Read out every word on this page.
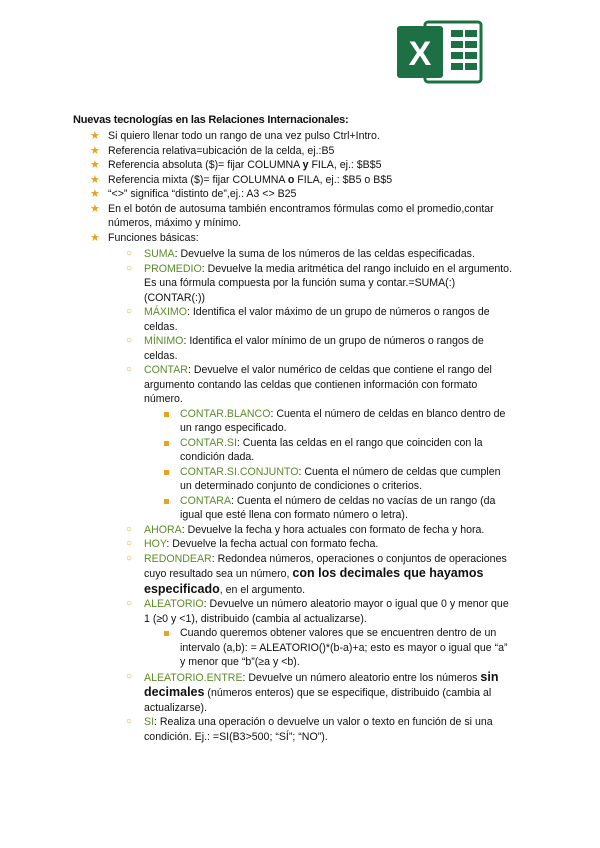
X
Nuevas tecnologías en las Relaciones Internacionales:
★ Si quiero llenar todo un rango de una vez pulso Ctrl+Intro.
★ Referencia relativa=ubicación de la celda, ej.:B5
★ Referencia absoluta ($)= fijar COLUMNA y FILA, ej.: $B$5
★ Referencia mixta ($)= fijar COLUMNA o FILA, ej.: $B5 o B$5
★ “<>” significa “distinto de”,ej.: A3 <> B25
★ En el botón de autosuma también encontramos fórmulas como el promedio,contar números, máximo y mínimo.
★ Funciones básicas:
○ SUMA: Devuelve la suma de los números de las celdas especificadas.
○ PROMEDIO: Devuelve la media aritmética del rango incluido en el argumento. Es una fórmula compuesta por la función suma y contar.=SUMA(:)(CONTAR(:))
○ MÁXIMO: Identifica el valor máximo de un grupo de números o rangos de celdas.
○ MÍNIMO: Identifica el valor mínimo de un grupo de números o rangos de celdas.
○ CONTAR: Devuelve el valor numérico de celdas que contiene el rango del argumento contando las celdas que contienen información con formato número.
CONTAR.BLANCO: Cuenta el número de celdas en blanco dentro de un rango especificado.
CONTAR.SI: Cuenta las celdas en el rango que coinciden con la condición dada.
CONTAR.SI.CONJUNTO: Cuenta el número de celdas que cumplen un determinado conjunto de condiciones o criterios.
CONTARA: Cuenta el número de celdas no vacías de un rango (da igual que esté llena con formato número o letra).
○ AHORA: Devuelve la fecha y hora actuales con formato de fecha y hora.
○ HOY: Devuelve la fecha actual con formato fecha.
○ REDONDEAR: Redondea números, operaciones o conjuntos de operaciones cuyo resultado sea un número, con los decimales que hayamos especificado, en el argumento.
○ ALEATORIO: Devuelve un número aleatorio mayor o igual que 0 y menor que 1 (≥0 y <1), distribuido (cambia al actualizarse).
Cuando queremos obtener valores que se encuentren dentro de un intervalo (a,b): = ALEATORIO()*(b-a)+a; esto es mayor o igual que “a” y menor que “b”(≥a y <b).
○ ALEATORIO.ENTRE: Devuelve un número aleatorio entre los números sin decimales (números enteros) que se especifique, distribuido (cambia al actualizarse).
○ SI: Realiza una operación o devuelve un valor o texto en función de si una condición. Ej.: =SI(B3>500; “SÍ”; “NO”).
